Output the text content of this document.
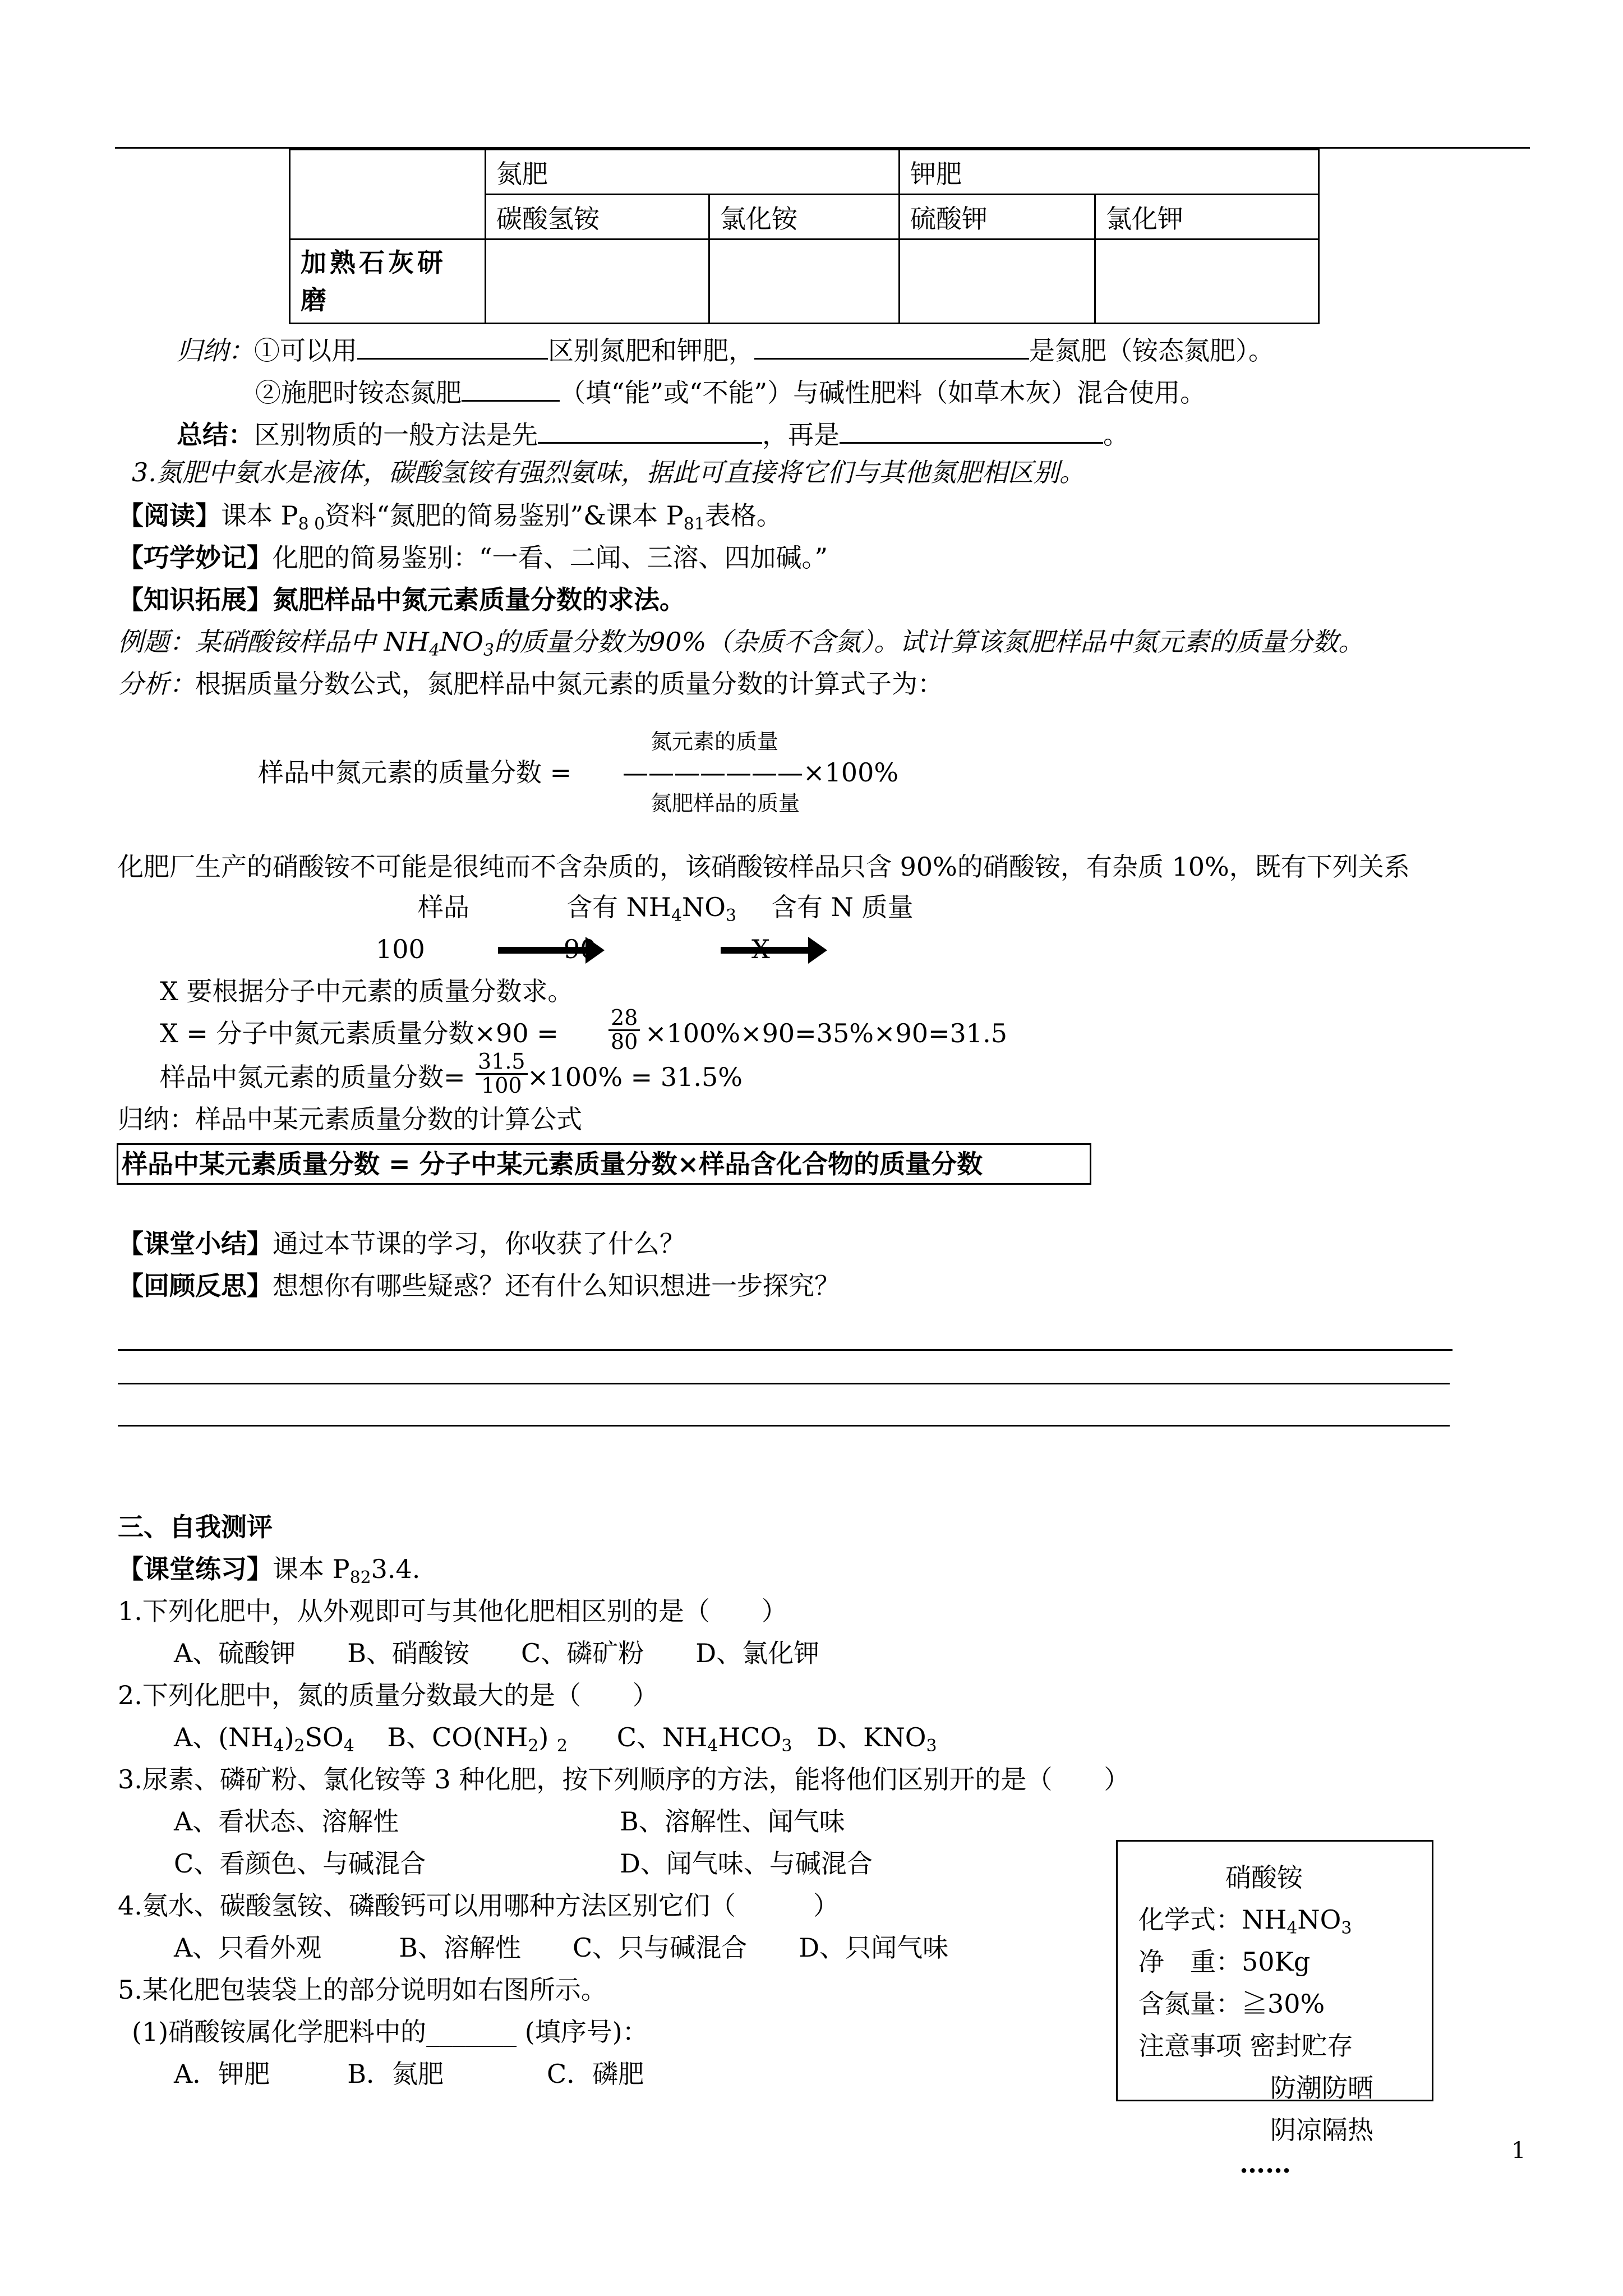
	氮肥		钾肥	
	碳酸氢铵	氯化铵	硫酸钾	氯化钾
加熟石灰研
磨				
归纳：①可以用	区别氮肥和钾肥，	是氮肥（铵态氮肥）。
②施肥时铵态氮肥	（填“能”或“不能”）与碱性肥料（如草木灰）混合使用。
总结：区别物质的一般方法是先	，再是	。
3.氮肥中氨水是液体，碳酸氢铵有强烈氨味，据此可直接将它们与其他氮肥相区别。
【阅读】课本 $P_{8 0}$资料“氮肥的简易鉴别”&课本 $P_{81}$表格。
【巧学妙记】化肥的简易鉴别：“一看、二闻、三溶、四加碱。”
【知识拓展】氮肥样品中氮元素质量分数的求法。
例题：某硝酸铵样品中 $NH_4NO_3$的质量分数为90%（杂质不含氮）。试计算该氮肥样品中氮元素的质量分数。
分析：根据质量分数公式，氮肥样品中氮元素的质量分数的计算式子为：
样品中氮元素的质量分数 =
氮元素的质量
———————×100%
氮肥样品的质量
化肥厂生产的硝酸铵不可能是很纯而不含杂质的，该硝酸铵样品只含 90%的硝酸铵，有杂质 10%，既有下列关系
样品	含有 $NH_4NO_3$ 含有 N 质量
100	90	X
X 要根据分子中元素的质量分数求。
X = 分子中氮元素质量分数$\times 90 = \frac{28}{80} \times 100\%\times 90=35\%\times 90=31.5$
样品中氮元素的质量分数= $\frac{31.5}{100} \times 100\% = 31.5\%$
归纳：样品中某元素质量分数的计算公式
样品中某元素质量分数 = 分子中某元素质量分数×样品含化合物的质量分数
【课堂小结】通过本节课的学习，你收获了什么？
【回顾反思】想想你有哪些疑惑？还有什么知识想进一步探究？
三、自我测评
【课堂练习】课本 $P_{82}3.4$.
1.下列化肥中，从外观即可与其他化肥相区别的是（　　）
A、硫酸钾　　B、硝酸铵　　C、磷矿粉　　D、氯化钾
2.下列化肥中，氮的质量分数最大的是（　　）
A、$(NH_4)_2SO_4$ B、$CO(NH_2)$ $_2$ C、$NH_4HCO_3$ D、$KNO_3$
3.尿素、磷矿粉、氯化铵等 3 种化肥，按下列顺序的方法，能将他们区别开的是（　　）
A、看状态、溶解性	B、溶解性、闻气味
C、看颜色、与碱混合	D、闻气味、与碱混合
4.氨水、碳酸氢铵、磷酸钙可以用哪种方法区别它们（　　　）
A、只看外观　　　B、溶解性　　C、只与碱混合　　D、只闻气味
5.某化肥包装袋上的部分说明如右图所示。
(1)硝酸铵属化学肥料中的_______ (填序号)：
A．钾肥　　　B．氮肥　　　　C．磷肥
硝酸铵
化学式：$NH_4NO_3$
净　重：50Kg
含氮量：≧30%
注意事项 密封贮存
防潮防晒
阴凉隔热
……	1
